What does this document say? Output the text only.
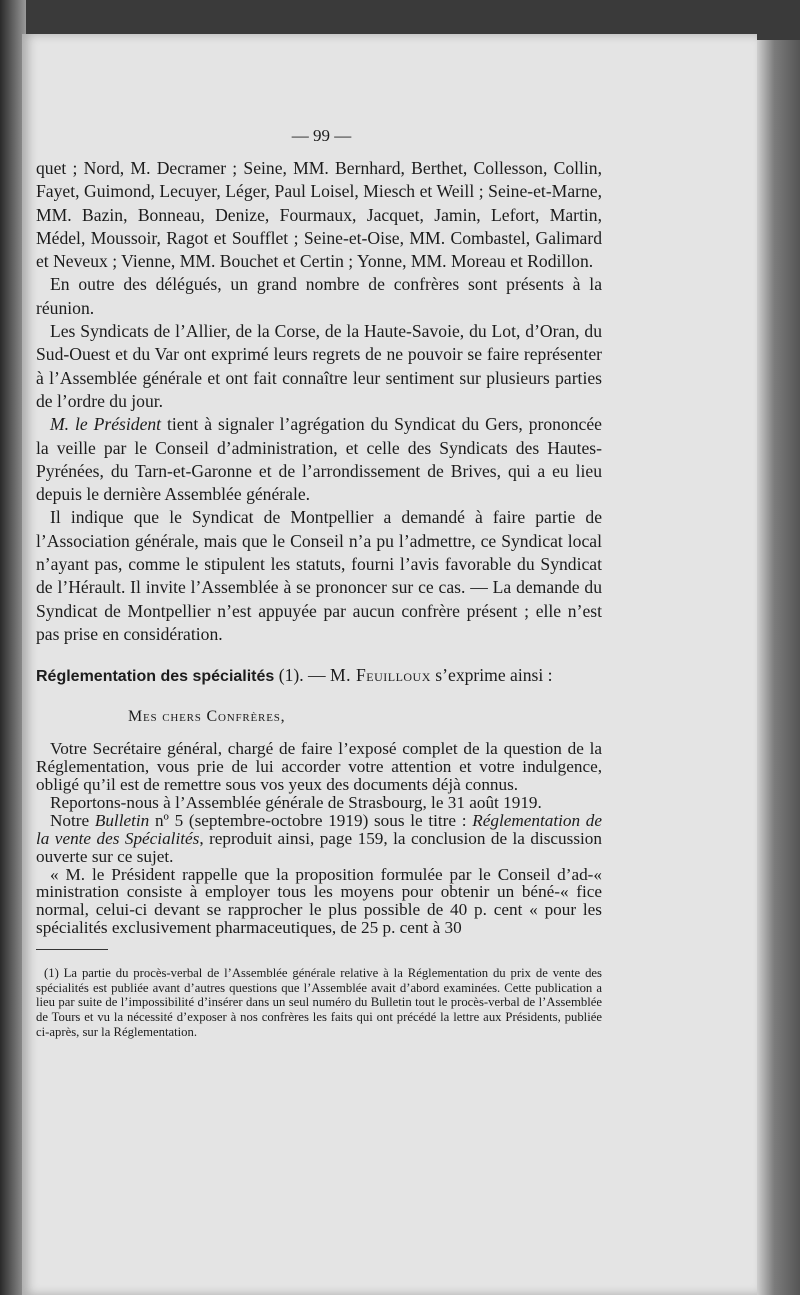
— 99 —

quet ; Nord, M. Decramer ; Seine, MM. Bernhard, Berthet, Collesson, Collin, Fayet, Guimond, Lecuyer, Léger, Paul Loisel, Miesch et Weill ; Seine-et-Marne, MM. Bazin, Bonneau, Denize, Fourmaux, Jacquet, Jamin, Lefort, Martin, Médel, Moussoir, Ragot et Soufflet ; Seine-et-Oise, MM. Combastel, Galimard et Neveux ; Vienne, MM. Bouchet et Certin ; Yonne, MM. Moreau et Rodillon.

En outre des délégués, un grand nombre de confrères sont présents à la réunion.

Les Syndicats de l’Allier, de la Corse, de la Haute-Savoie, du Lot, d’Oran, du Sud-Ouest et du Var ont exprimé leurs regrets de ne pouvoir se faire représenter à l’Assemblée générale et ont fait connaître leur sentiment sur plusieurs parties de l’ordre du jour.

M. le Président tient à signaler l’agrégation du Syndicat du Gers, prononcée la veille par le Conseil d’administration, et celle des Syndicats des Hautes-Pyrénées, du Tarn-et-Garonne et de l’arrondissement de Brives, qui a eu lieu depuis le dernière Assemblée générale.

Il indique que le Syndicat de Montpellier a demandé à faire partie de l’Association générale, mais que le Conseil n’a pu l’admettre, ce Syndicat local n’ayant pas, comme le stipulent les statuts, fourni l’avis favorable du Syndicat de l’Hérault. Il invite l’Assemblée à se prononcer sur ce cas. — La demande du Syndicat de Montpellier n’est appuyée par aucun confrère présent ; elle n’est pas prise en considération.

Réglementation des spécialités (1). — M. Feuilloux s’exprime ainsi :
Mes chers Confrères,

Votre Secrétaire général, chargé de faire l’exposé complet de la question de la Réglementation, vous prie de lui accorder votre attention et votre indulgence, obligé qu’il est de remettre sous vos yeux des documents déjà connus.

Reportons-nous à l’Assemblée générale de Strasbourg, le 31 août 1919.

Notre Bulletin nº 5 (septembre-octobre 1919) sous le titre : Réglementation de la vente des Spécialités, reproduit ainsi, page 159, la conclusion de la discussion ouverte sur ce sujet.

« M. le Président rappelle que la proposition formulée par le Conseil d’ad-« ministration consiste à employer tous les moyens pour obtenir un béné-« fice normal, celui-ci devant se rapprocher le plus possible de 40 p. cent « pour les spécialités exclusivement pharmaceutiques, de 25 p. cent à 30

(1) La partie du procès-verbal de l’Assemblée générale relative à la Réglementation du prix de vente des spécialités est publiée avant d’autres questions que l’Assemblée avait d’abord examinées. Cette publication a lieu par suite de l’impossibilité d’insérer dans un seul numéro du Bulletin tout le procès-verbal de l’Assemblée de Tours et vu la nécessité d’exposer à nos confrères les faits qui ont précédé la lettre aux Présidents, publiée ci-après, sur la Réglementation.
